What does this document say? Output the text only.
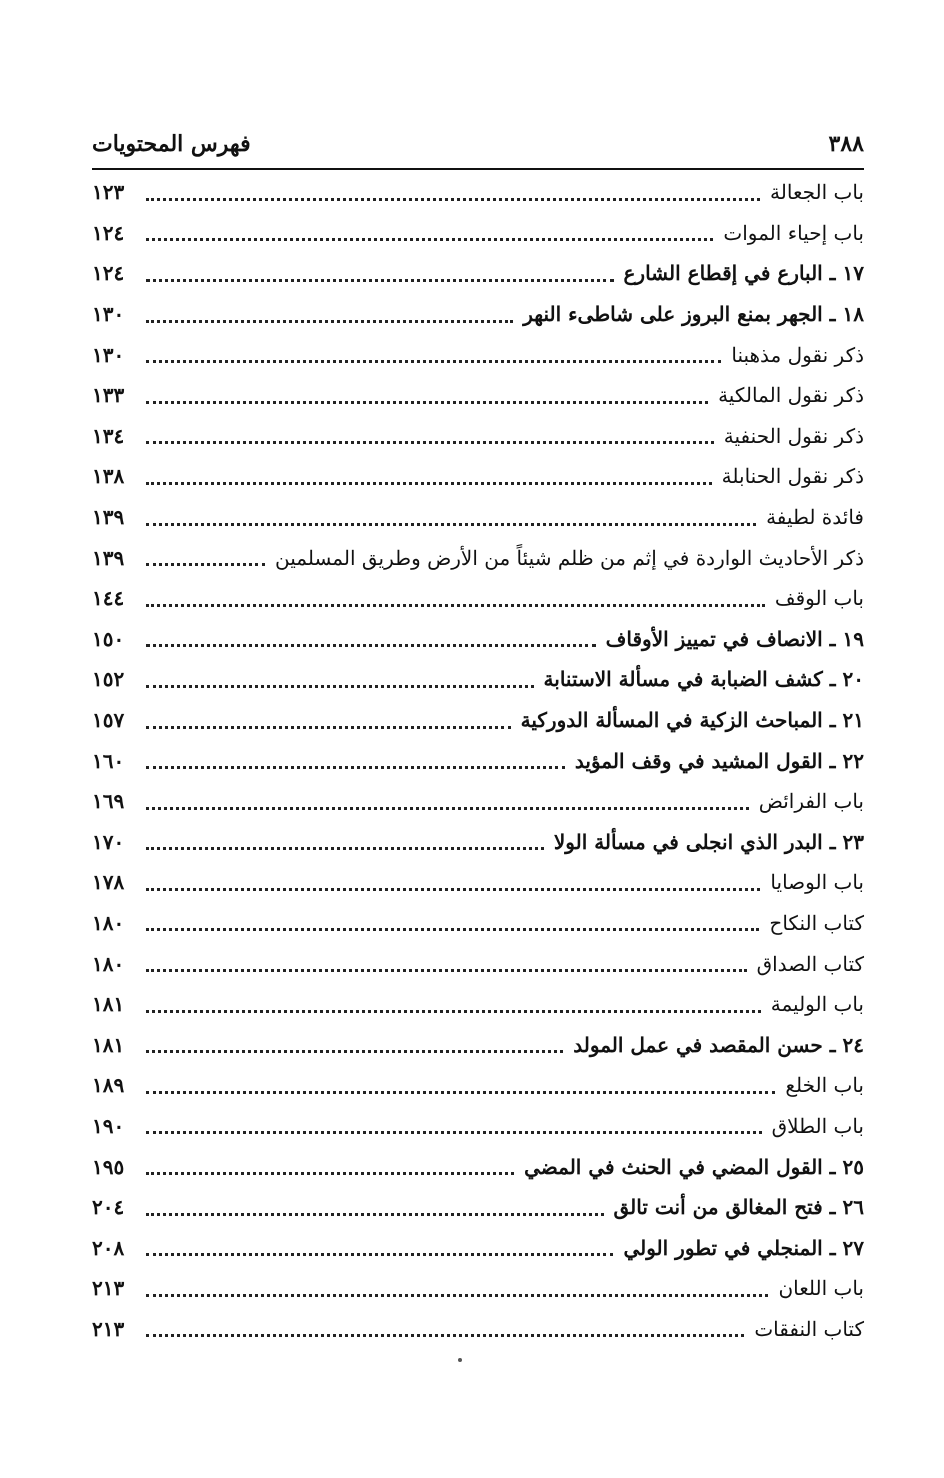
٣٨٨
فهرس المحتويات
باب الجعالة
١٢٣
باب إحياء الموات
١٢٤
١٧ ـ البارع في إقطاع الشارع
١٢٤
١٨ ـ الجهر بمنع البروز على شاطىء النهر
١٣٠
ذكر نقول مذهبنا
١٣٠
ذكر نقول المالكية
١٣٣
ذكر نقول الحنفية
١٣٤
ذكر نقول الحنابلة
١٣٨
فائدة لطيفة
١٣٩
ذكر الأحاديث الواردة في إثم من ظلم شيئاً من الأرض وطريق المسلمين
١٣٩
باب الوقف
١٤٤
١٩ ـ الانصاف في تمييز الأوقاف
١٥٠
٢٠ ـ كشف الضبابة في مسألة الاستنابة
١٥٢
٢١ ـ المباحث الزكية في المسألة الدوركية
١٥٧
٢٢ ـ القول المشيد في وقف المؤيد
١٦٠
باب الفرائض
١٦٩
٢٣ ـ البدر الذي انجلى في مسألة الولا
١٧٠
باب الوصايا
١٧٨
كتاب النكاح
١٨٠
كتاب الصداق
١٨٠
باب الوليمة
١٨١
٢٤ ـ حسن المقصد في عمل المولد
١٨١
باب الخلع
١٨٩
باب الطلاق
١٩٠
٢٥ ـ القول المضي في الحنث في المضي
١٩٥
٢٦ ـ فتح المغالق من أنت تالق
٢٠٤
٢٧ ـ المنجلي في تطور الولي
٢٠٨
باب اللعان
٢١٣
كتاب النفقات
٢١٣
